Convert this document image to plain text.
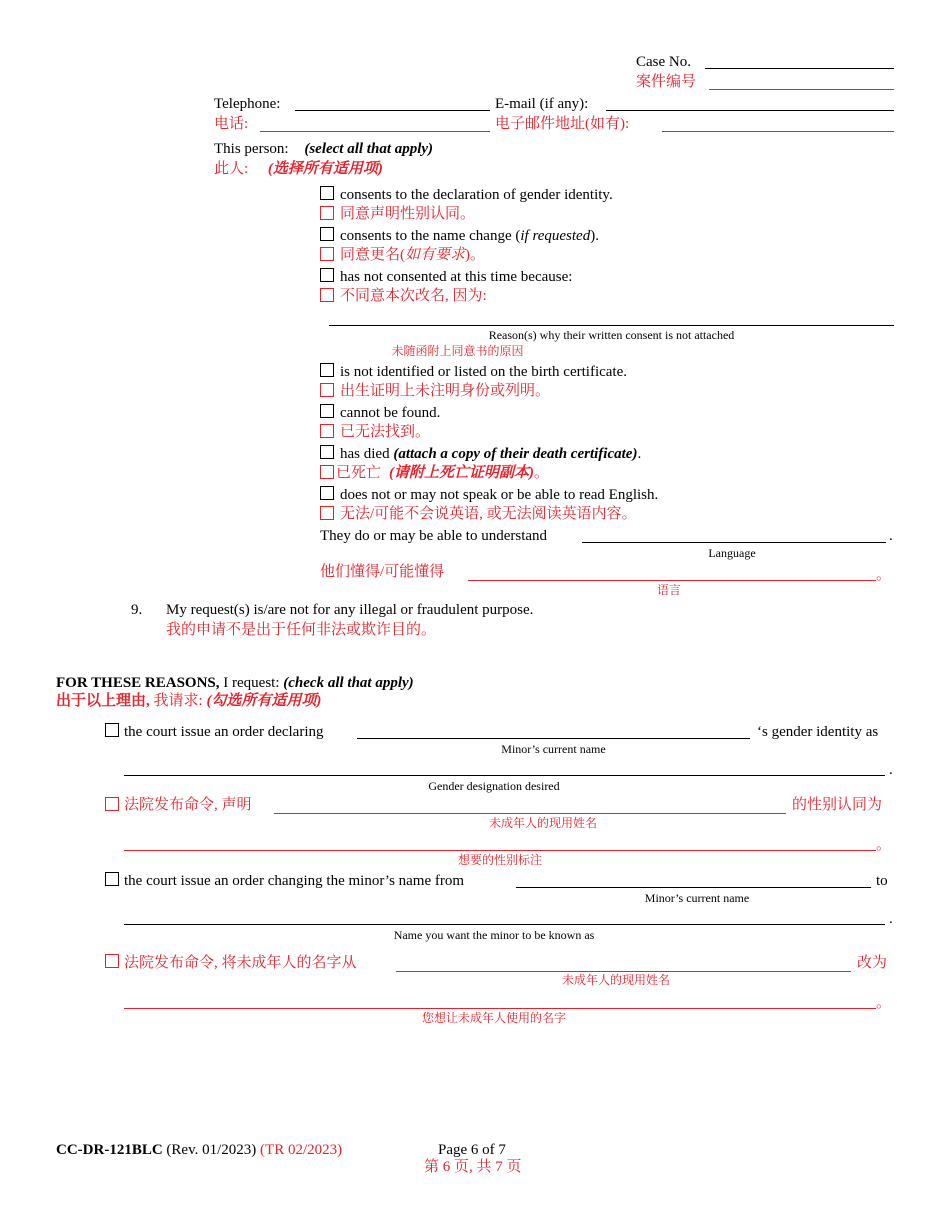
Case No.
案件编号
Telephone:	E-mail (if any):
电话:	电子邮件地址(如有):
This person: (select all that apply)
此人: (选择所有适用项)
consents to the declaration of gender identity.
同意声明性别认同。
consents to the name change (if requested).
同意更名(如有要求)。
has not consented at this time because:
不同意本次改名, 因为:
Reason(s) why their written consent is not attached
未随函附上同意书的原因
is not identified or listed on the birth certificate.
出生证明上未注明身份或列明。
cannot be found.
已无法找到。
has died (attach a copy of their death certificate).
已死亡 (请附上死亡证明副本)。
does not or may not speak or be able to read English.
无法/可能不会说英语, 或无法阅读英语内容。
They do or may be able to understand	.
Language
他们懂得/可能懂得	。
语言
9. My request(s) is/are not for any illegal or fraudulent purpose.
我的申请不是出于任何非法或欺诈目的。
FOR THESE REASONS, I request: (check all that apply)
出于以上理由, 我请求: (勾选所有适用项)
the court issue an order declaring	‘s gender identity as
Minor’s current name
.
Gender designation desired
法院发布命令, 声明	的性别认同为
未成年人的现用姓名
。
想要的性别标注
the court issue an order changing the minor’s name from	to
Minor’s current name
.
Name you want the minor to be known as
法院发布命令, 将未成年人的名字从	改为
未成年人的现用姓名
。
您想让未成年人使用的名字
CC-DR-121BLC (Rev. 01/2023) (TR 02/2023)	Page 6 of 7
第 6 页, 共 7 页
